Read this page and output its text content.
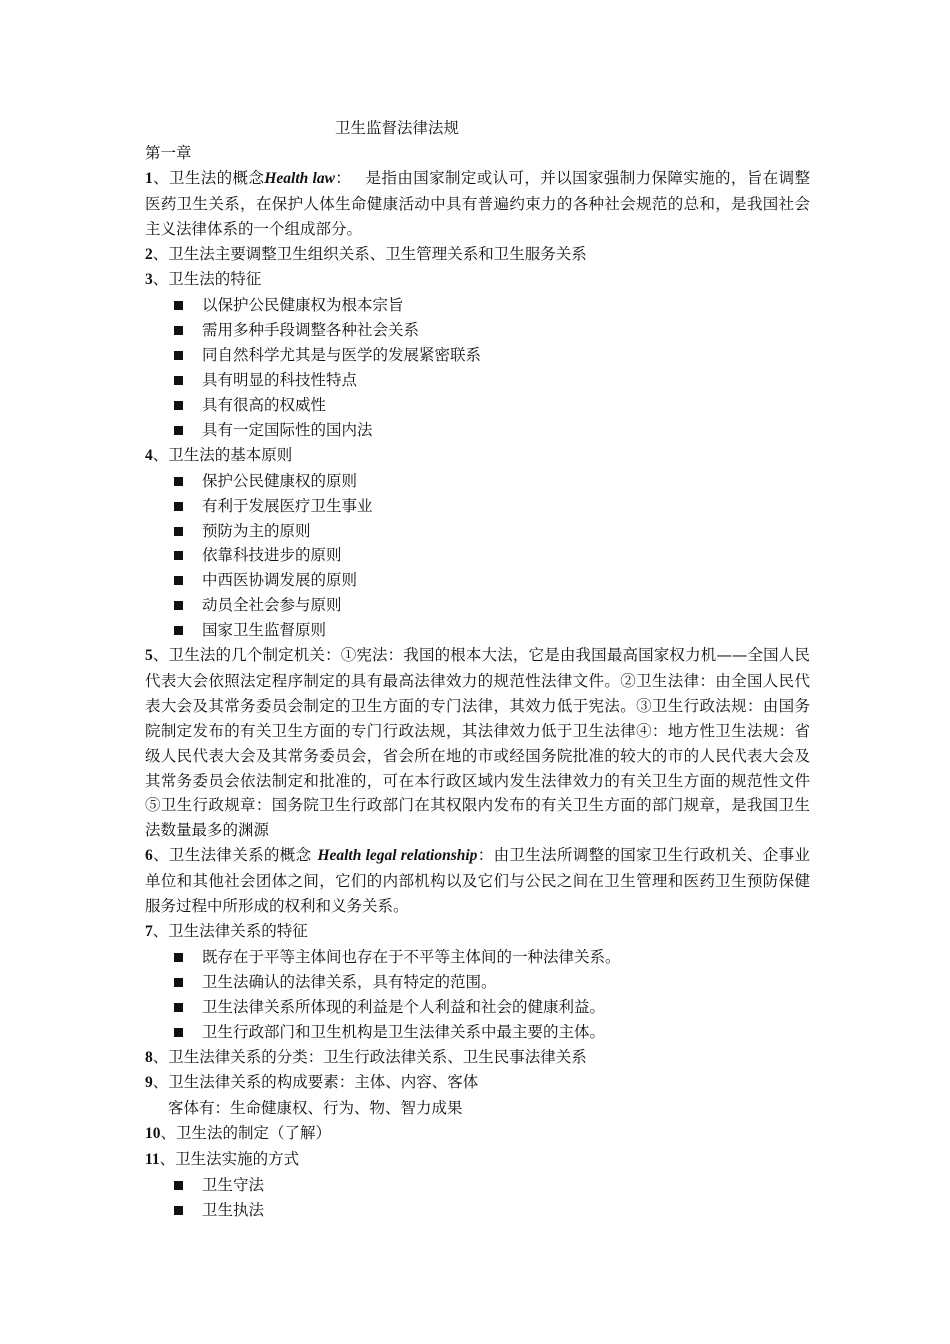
卫生监督法律法规
第一章
1、卫生法的概念Health law： 是指由国家制定或认可，并以国家强制力保障实施的，旨在调整医药卫生关系，在保护人体生命健康活动中具有普遍约束力的各种社会规范的总和，是我国社会主义法律体系的一个组成部分。
2、卫生法主要调整卫生组织关系、卫生管理关系和卫生服务关系
3、卫生法的特征
以保护公民健康权为根本宗旨
需用多种手段调整各种社会关系
同自然科学尤其是与医学的发展紧密联系
具有明显的科技性特点
具有很高的权威性
具有一定国际性的国内法
4、卫生法的基本原则
保护公民健康权的原则
有利于发展医疗卫生事业
预防为主的原则
依靠科技进步的原则
中西医协调发展的原则
动员全社会参与原则
国家卫生监督原则
5、卫生法的几个制定机关：①宪法：我国的根本大法，它是由我国最高国家权力机——全国人民代表大会依照法定程序制定的具有最高法律效力的规范性法律文件。②卫生法律：由全国人民代表大会及其常务委员会制定的卫生方面的专门法律，其效力低于宪法。③卫生行政法规：由国务院制定发布的有关卫生方面的专门行政法规，其法律效力低于卫生法律④：地方性卫生法规：省级人民代表大会及其常务委员会，省会所在地的市或经国务院批准的较大的市的人民代表大会及其常务委员会依法制定和批准的，可在本行政区域内发生法律效力的有关卫生方面的规范性文件⑤卫生行政规章：国务院卫生行政部门在其权限内发布的有关卫生方面的部门规章，是我国卫生法数量最多的渊源
6、卫生法律关系的概念 Health legal relationship：由卫生法所调整的国家卫生行政机关、企事业单位和其他社会团体之间，它们的内部机构以及它们与公民之间在卫生管理和医药卫生预防保健服务过程中所形成的权利和义务关系。
7、卫生法律关系的特征
既存在于平等主体间也存在于不平等主体间的一种法律关系。
卫生法确认的法律关系，具有特定的范围。
卫生法律关系所体现的利益是个人利益和社会的健康利益。
卫生行政部门和卫生机构是卫生法律关系中最主要的主体。
8、卫生法律关系的分类：卫生行政法律关系、卫生民事法律关系
9、卫生法律关系的构成要素：主体、内容、客体
客体有：生命健康权、行为、物、智力成果
10、卫生法的制定（了解）
11、卫生法实施的方式
卫生守法
卫生执法
